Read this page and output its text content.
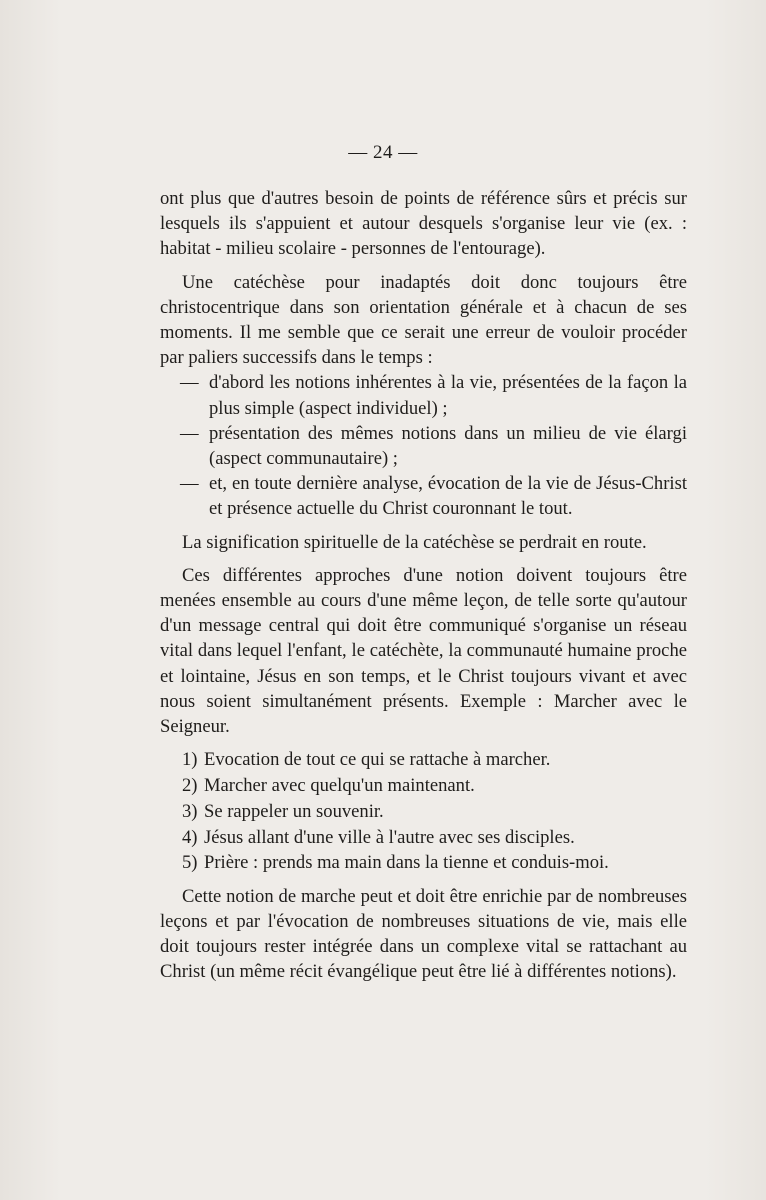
— 24 —

ont plus que d'autres besoin de points de référence sûrs et précis sur lesquels ils s'appuient et autour desquels s'organise leur vie (ex. : habitat - milieu scolaire - personnes de l'entourage).

Une catéchèse pour inadaptés doit donc toujours être christocentrique dans son orientation générale et à chacun de ses moments. Il me semble que ce serait une erreur de vouloir procéder par paliers successifs dans le temps :

— d'abord les notions inhérentes à la vie, présentées de la façon la plus simple (aspect individuel) ;
— présentation des mêmes notions dans un milieu de vie élargi (aspect communautaire) ;
— et, en toute dernière analyse, évocation de la vie de Jésus-Christ et présence actuelle du Christ couronnant le tout.

La signification spirituelle de la catéchèse se perdrait en route.

Ces différentes approches d'une notion doivent toujours être menées ensemble au cours d'une même leçon, de telle sorte qu'autour d'un message central qui doit être communiqué s'organise un réseau vital dans lequel l'enfant, le catéchète, la communauté humaine proche et lointaine, Jésus en son temps, et le Christ toujours vivant et avec nous soient simultanément présents. Exemple : Marcher avec le Seigneur.

1) Evocation de tout ce qui se rattache à marcher.
2) Marcher avec quelqu'un maintenant.
3) Se rappeler un souvenir.
4) Jésus allant d'une ville à l'autre avec ses disciples.
5) Prière : prends ma main dans la tienne et conduis-moi.

Cette notion de marche peut et doit être enrichie par de nombreuses leçons et par l'évocation de nombreuses situations de vie, mais elle doit toujours rester intégrée dans un complexe vital se rattachant au Christ (un même récit évangélique peut être lié à différentes notions).
